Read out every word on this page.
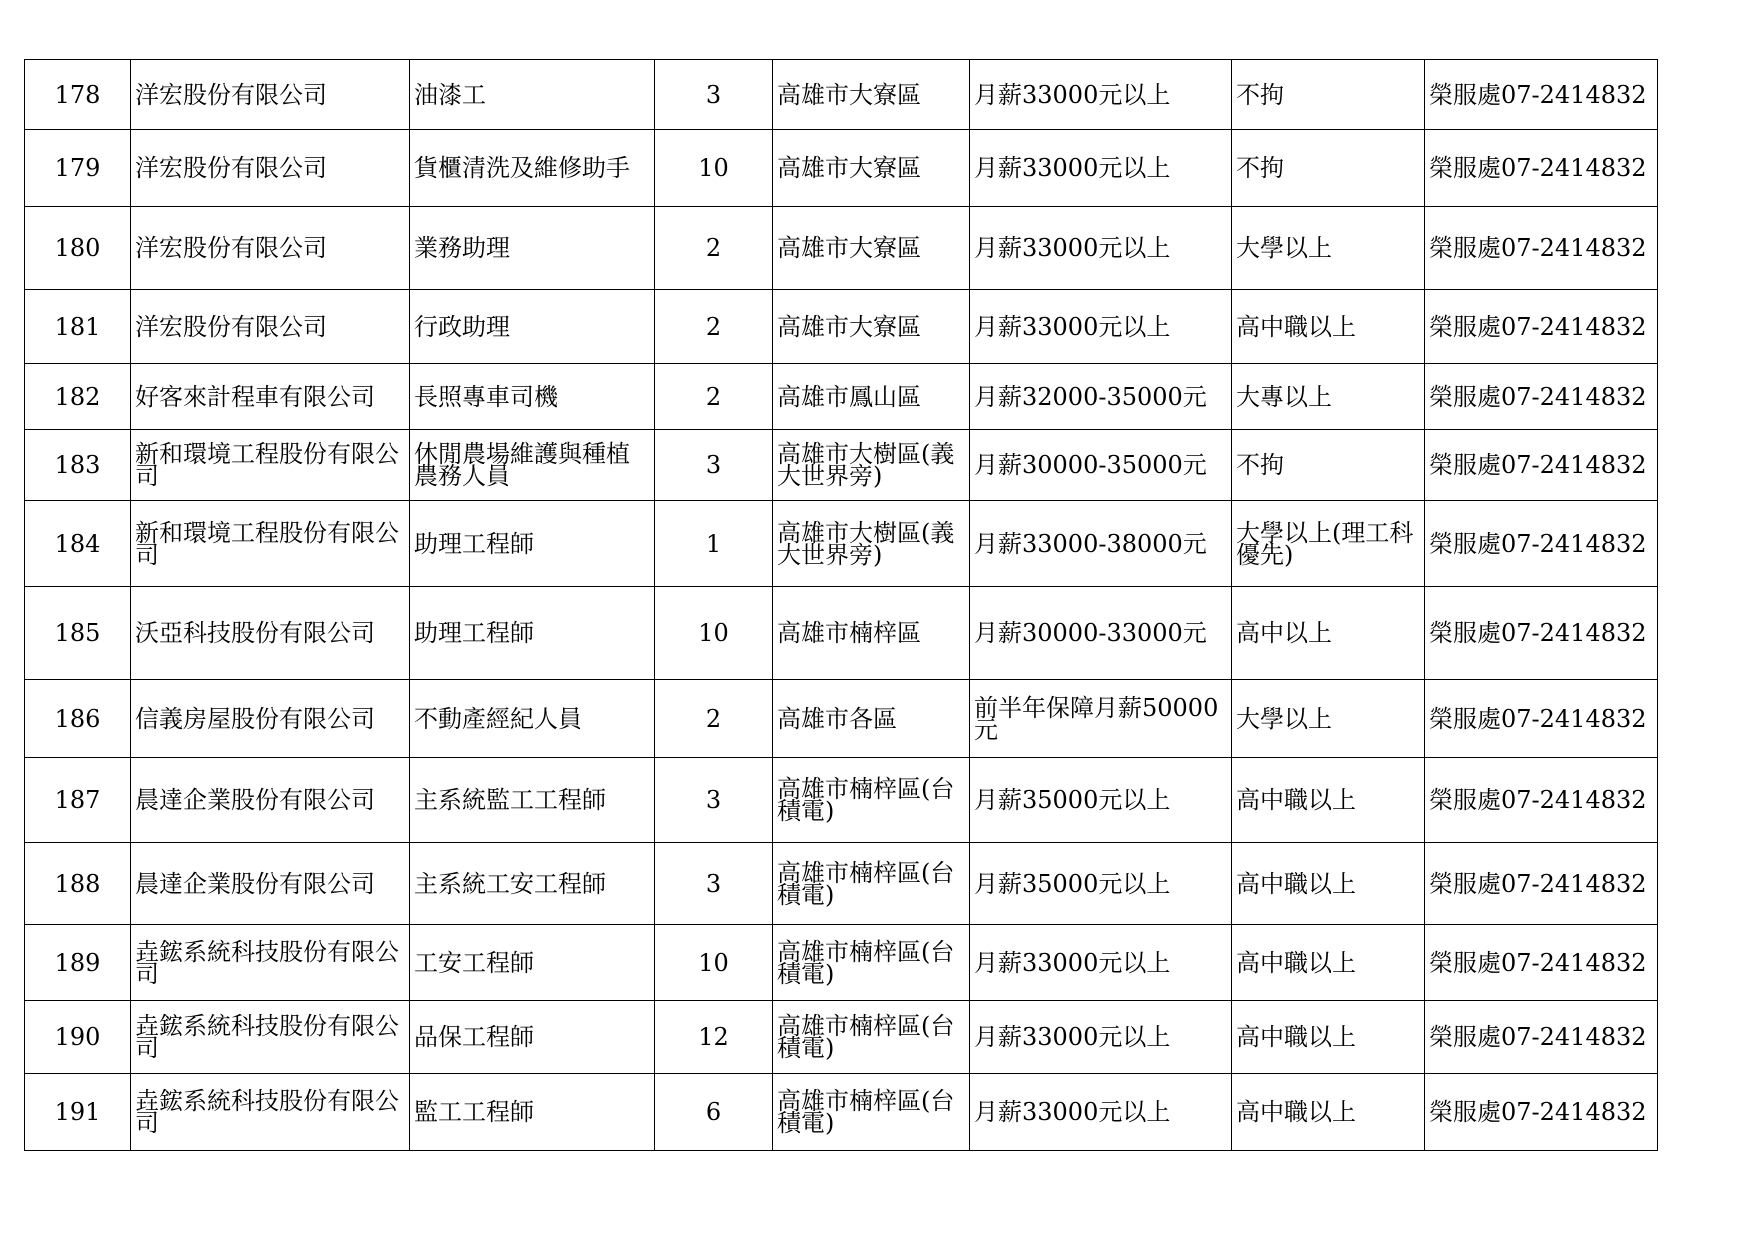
178	洋宏股份有限公司	油漆工	3	高雄市大寮區	月薪33000元以上	不拘	榮服處07-2414832
179	洋宏股份有限公司	貨櫃清洗及維修助手	10	高雄市大寮區	月薪33000元以上	不拘	榮服處07-2414832
180	洋宏股份有限公司	業務助理	2	高雄市大寮區	月薪33000元以上	大學以上	榮服處07-2414832
181	洋宏股份有限公司	行政助理	2	高雄市大寮區	月薪33000元以上	高中職以上	榮服處07-2414832
182	好客來計程車有限公司	長照專車司機	2	高雄市鳳山區	月薪32000-35000元	大專以上	榮服處07-2414832
183	新和環境工程股份有限公司	休閒農場維護與種植農務人員	3	高雄市大樹區(義大世界旁)	月薪30000-35000元	不拘	榮服處07-2414832
184	新和環境工程股份有限公司	助理工程師	1	高雄市大樹區(義大世界旁)	月薪33000-38000元	大學以上(理工科優先)	榮服處07-2414832
185	沃亞科技股份有限公司	助理工程師	10	高雄市楠梓區	月薪30000-33000元	高中以上	榮服處07-2414832
186	信義房屋股份有限公司	不動產經紀人員	2	高雄市各區	前半年保障月薪50000元	大學以上	榮服處07-2414832
187	晨達企業股份有限公司	主系統監工工程師	3	高雄市楠梓區(台積電)	月薪35000元以上	高中職以上	榮服處07-2414832
188	晨達企業股份有限公司	主系統工安工程師	3	高雄市楠梓區(台積電)	月薪35000元以上	高中職以上	榮服處07-2414832
189	垚鋐系統科技股份有限公司	工安工程師	10	高雄市楠梓區(台積電)	月薪33000元以上	高中職以上	榮服處07-2414832
190	垚鋐系統科技股份有限公司	品保工程師	12	高雄市楠梓區(台積電)	月薪33000元以上	高中職以上	榮服處07-2414832
191	垚鋐系統科技股份有限公司	監工工程師	6	高雄市楠梓區(台積電)	月薪33000元以上	高中職以上	榮服處07-2414832
